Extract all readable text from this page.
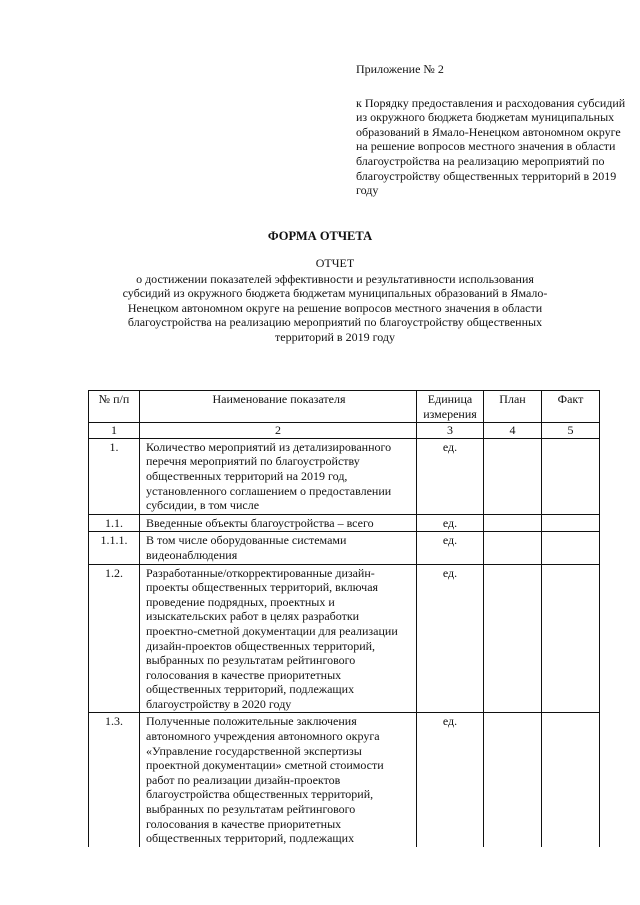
Приложение № 2

к Порядку предоставления и расходования субсидий из окружного бюджета бюджетам муниципальных образований в Ямало-Ненецком автономном округе на решение вопросов местного значения в области благоустройства на реализацию мероприятий по благоустройству общественных территорий в 2019 году

ФОРМА ОТЧЕТА
ОТЧЕТ
о достижении показателей эффективности и результативности использования субсидий из окружного бюджета бюджетам муниципальных образований в Ямало-Ненецком автономном округе на решение вопросов местного значения в области благоустройства на реализацию мероприятий по благоустройству общественных территорий в 2019 году
№ п/п	Наименование показателя	Единица измерения	План	Факт
1	2	3	4	5
1.	Количество мероприятий из детализированного перечня мероприятий по благоустройству общественных территорий на 2019 год, установленного соглашением о предоставлении субсидии, в том числе	ед.		
1.1.	Введенные объекты благоустройства – всего	ед.		
1.1.1.	В том числе оборудованные системами видеонаблюдения	ед.		
1.2.	Разработанные/откорректированные дизайн-проекты общественных территорий, включая проведение подрядных, проектных и изыскательских работ в целях разработки проектно-сметной документации для реализации дизайн-проектов общественных территорий, выбранных по результатам рейтингового голосования в качестве приоритетных общественных территорий, подлежащих благоустройству в 2020 году	ед.		
1.3.	Полученные положительные заключения автономного учреждения автономного округа «Управление государственной экспертизы проектной документации» сметной стоимости работ по реализации дизайн-проектов благоустройства общественных территорий, выбранных по результатам рейтингового голосования в качестве приоритетных общественных территорий, подлежащих	ед.		
